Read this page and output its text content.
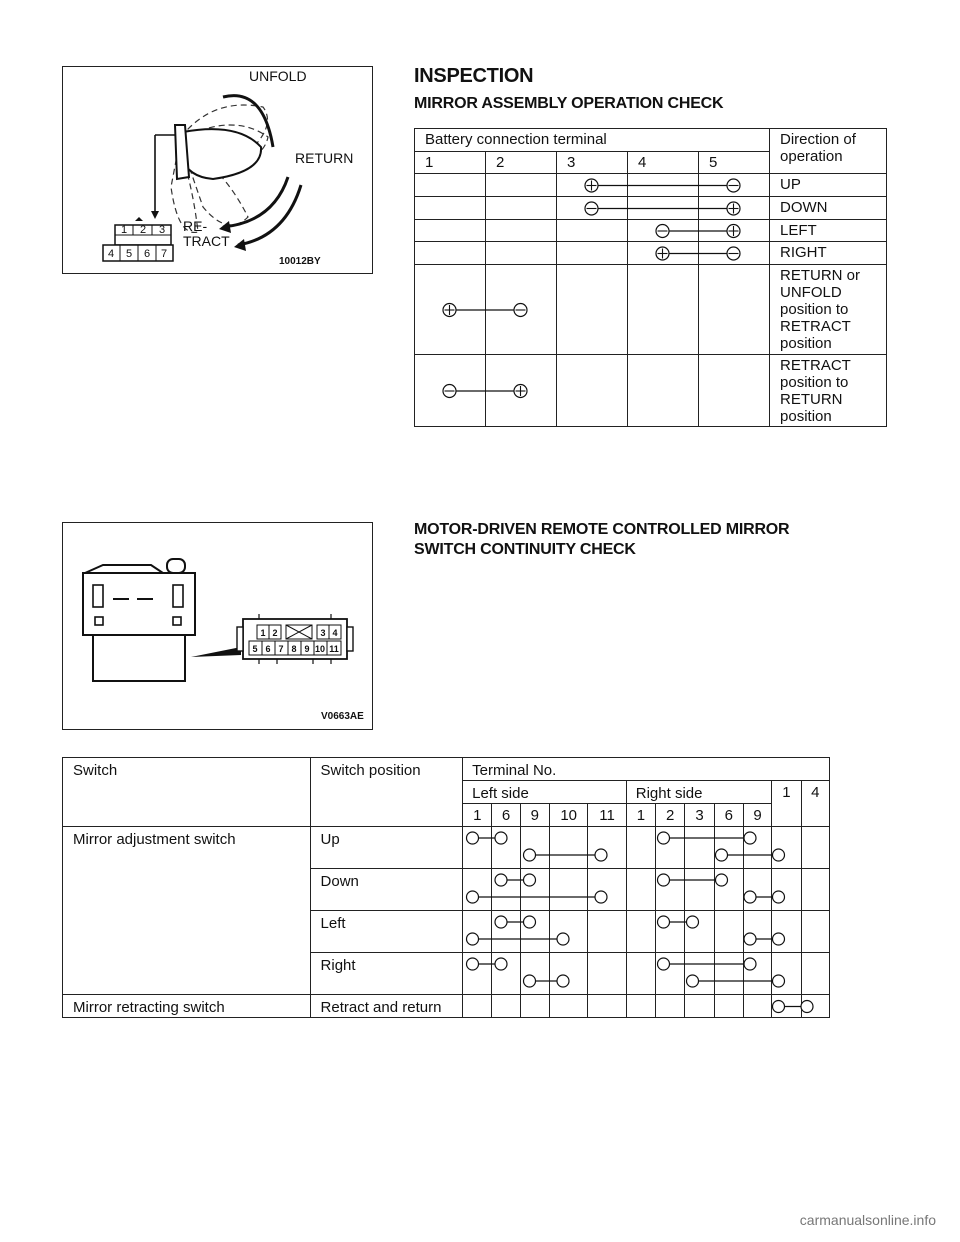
1 2 3
4 5 6 7
UNFOLD
RETURN
RE-
TRACT
10012BY
INSPECTION
MIRROR ASSEMBLY OPERATION CHECK
Battery connection terminal					Direction of operation
1	2	3	4	5	
					UP
					DOWN
					LEFT
					RIGHT
					RETURN or UNFOLD position to RETRACT position
					RETRACT position to RETURN position
1 2	3 4
5 6 7 8 9 10 11
V0663AE
MOTOR-DRIVEN REMOTE CONTROLLED MIRROR
SWITCH CONTINUITY CHECK
Switch	Switch position	Terminal No.											
		Left side					Right side					1	4
		1	6	9	10	11	1	2	3	6	9		
Mirror adjustment switch	Up												
	Down												
	Left												
	Right												
Mirror retracting switch	Retract and return												
carmanualsonline.info
